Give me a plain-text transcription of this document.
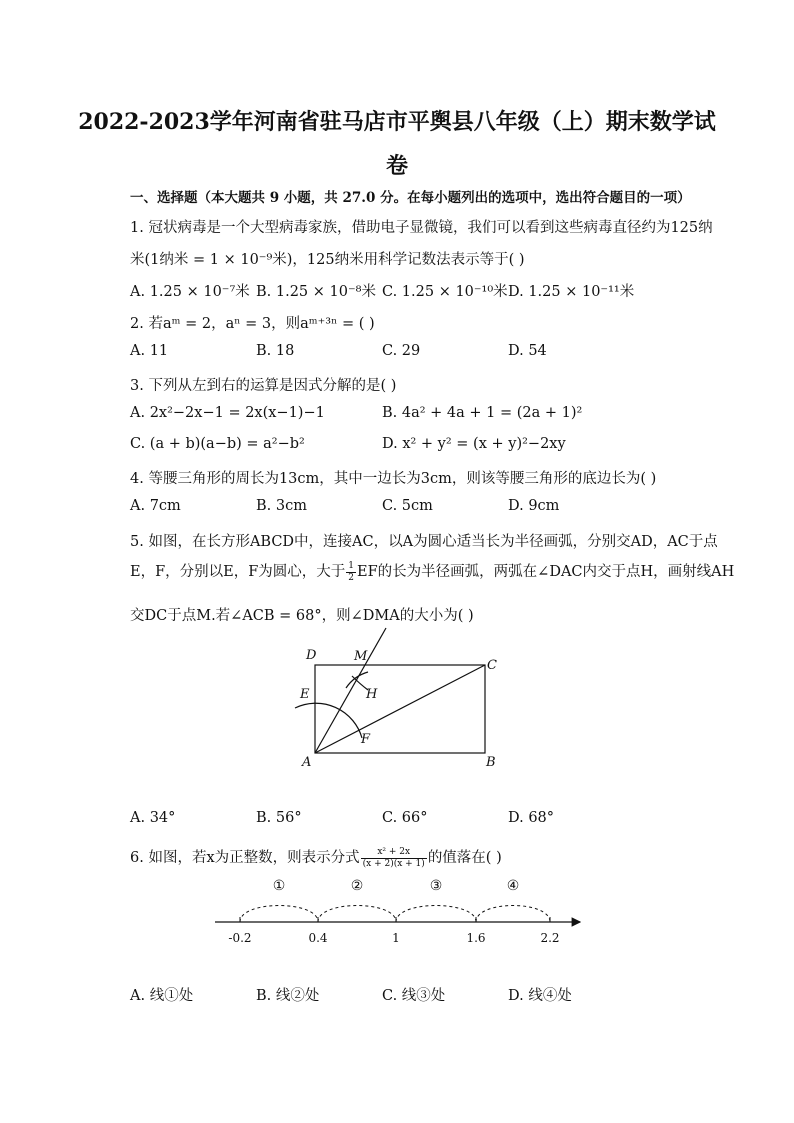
2022-2023学年河南省驻马店市平舆县八年级（上）期末数学试
卷
一、选择题（本大题共 9 小题，共 27.0 分。在每小题列出的选项中，选出符合题目的一项）
1. 冠状病毒是一个大型病毒家族，借助电子显微镜，我们可以看到这些病毒直径约为125纳
米(1纳米 = 1 × 10⁻⁹米)，125纳米用科学记数法表示等于( )
A. 1.25 × 10⁻⁷米 B. 1.25 × 10⁻⁸米 C. 1.25 × 10⁻¹⁰米 D. 1.25 × 10⁻¹¹米
2. 若aᵐ = 2，aⁿ = 3，则aᵐ⁺³ⁿ = ( )
A. 11	B. 18	C. 29	D. 54
3. 下列从左到右的运算是因式分解的是( )
A. 2x²−2x−1 = 2x(x−1)−1	B. 4a² + 4a + 1 = (2a + 1)²
C. (a + b)(a−b) = a²−b²	D. x² + y² = (x + y)²−2xy
4. 等腰三角形的周长为13cm，其中一边长为3cm，则该等腰三角形的底边长为( )
A. 7cm	B. 3cm	C. 5cm	D. 9cm
5. 如图，在长方形ABCD中，连接AC，以A为圆心适当长为半径画弧，分别交AD，AC于点
E，F，分别以E，F为圆心，大于 $\frac{1}{2}$ EF的长为半径画弧，两弧在∠DAC内交于点H，画射线AH
交DC于点M.若∠ACB = 68°，则∠DMA的大小为( )
D	M
C
E	H
F
A	B
A. 34°	B. 56°	C. 66°	D. 68°
6. 如图，若x为正整数，则表示分式 $\frac{\text{x² + 2x}}{(x + 2)(x + 1)}$ 的值落在( )
-0.2	0.4	1	1.6	2.2
①	②	③	④
A. 线①处	B. 线②处	C. 线③处	D. 线④处
